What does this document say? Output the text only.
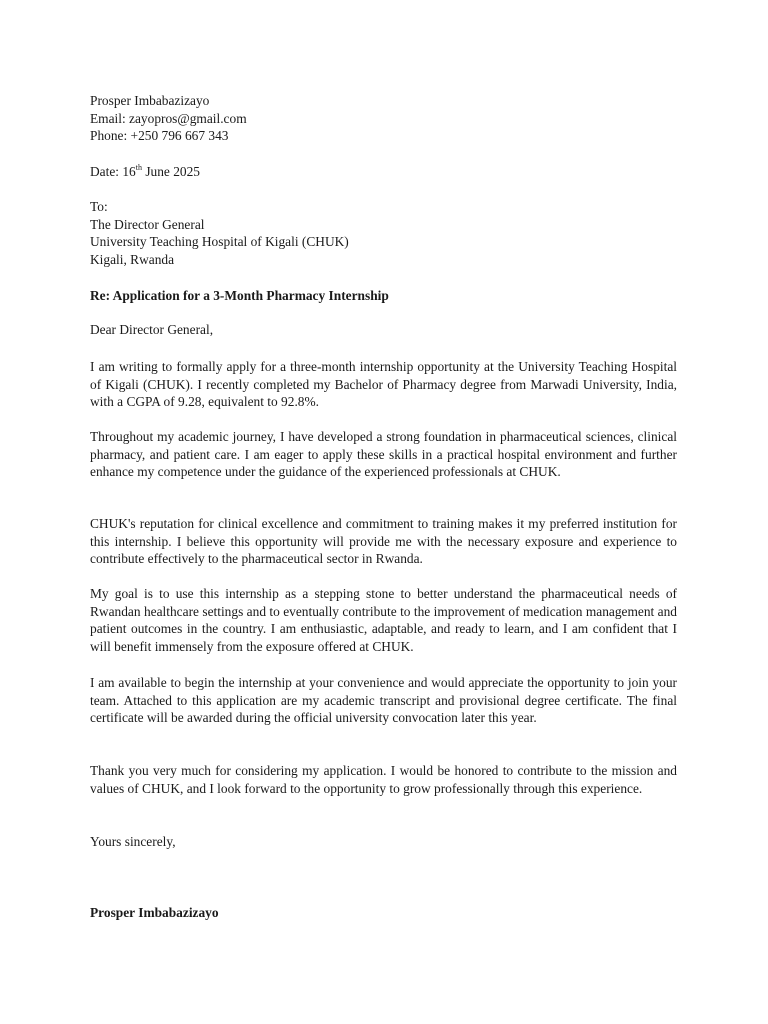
Prosper Imbabazizayo
Email: zayopros@gmail.com
Phone: +250 796 667 343
Date: 16th June 2025
To:
The Director General
University Teaching Hospital of Kigali (CHUK)
Kigali, Rwanda
Re: Application for a 3-Month Pharmacy Internship
Dear Director General,
I am writing to formally apply for a three-month internship opportunity at the University Teaching Hospital of Kigali (CHUK). I recently completed my Bachelor of Pharmacy degree from Marwadi University, India, with a CGPA of 9.28, equivalent to 92.8%.
Throughout my academic journey, I have developed a strong foundation in pharmaceutical sciences, clinical pharmacy, and patient care. I am eager to apply these skills in a practical hospital environment and further enhance my competence under the guidance of the experienced professionals at CHUK.
CHUK's reputation for clinical excellence and commitment to training makes it my preferred institution for this internship. I believe this opportunity will provide me with the necessary exposure and experience to contribute effectively to the pharmaceutical sector in Rwanda.
My goal is to use this internship as a stepping stone to better understand the pharmaceutical needs of Rwandan healthcare settings and to eventually contribute to the improvement of medication management and patient outcomes in the country. I am enthusiastic, adaptable, and ready to learn, and I am confident that I will benefit immensely from the exposure offered at CHUK.
I am available to begin the internship at your convenience and would appreciate the opportunity to join your team. Attached to this application are my academic transcript and provisional degree certificate. The final certificate will be awarded during the official university convocation later this year.
Thank you very much for considering my application. I would be honored to contribute to the mission and values of CHUK, and I look forward to the opportunity to grow professionally through this experience.
Yours sincerely,
Prosper Imbabazizayo
